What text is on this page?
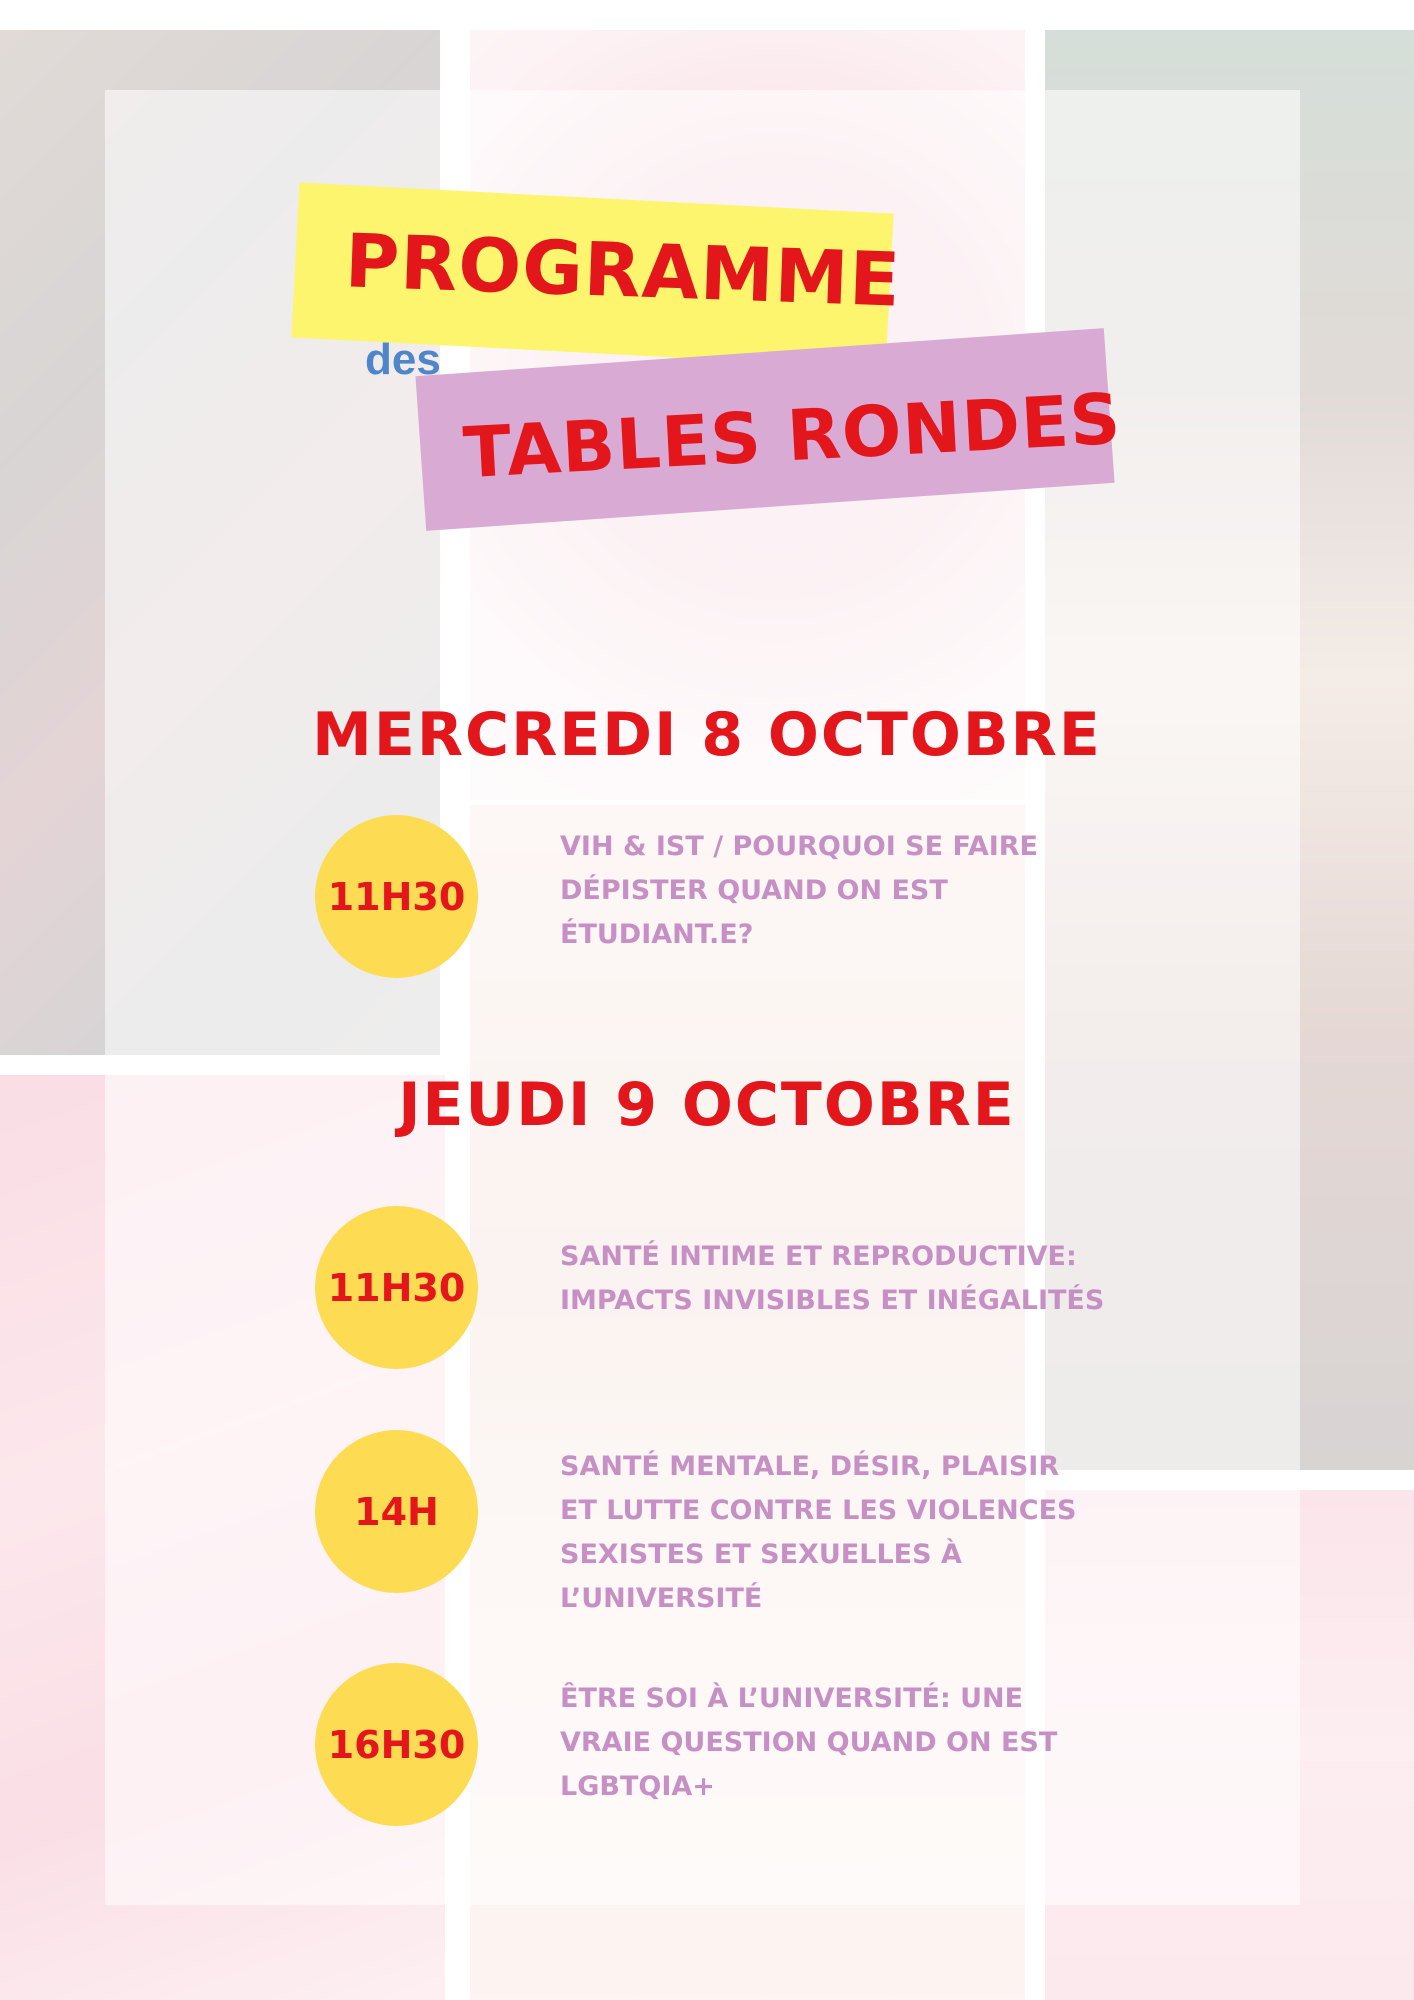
PROGRAMME
des
TABLES RONDES
MERCREDI 8 OCTOBRE
11H30
VIH & IST / POURQUOI SE FAIRE DÉPISTER QUAND ON EST ÉTUDIANT.E?
JEUDI 9 OCTOBRE
11H30
SANTÉ INTIME ET REPRODUCTIVE: IMPACTS INVISIBLES ET INÉGALITÉS
14H
SANTÉ MENTALE, DÉSIR, PLAISIR ET LUTTE CONTRE LES VIOLENCES SEXISTES ET SEXUELLES À L’UNIVERSITÉ
16H30
ÊTRE SOI À L’UNIVERSITÉ: UNE VRAIE QUESTION QUAND ON EST LGBTQIA+
